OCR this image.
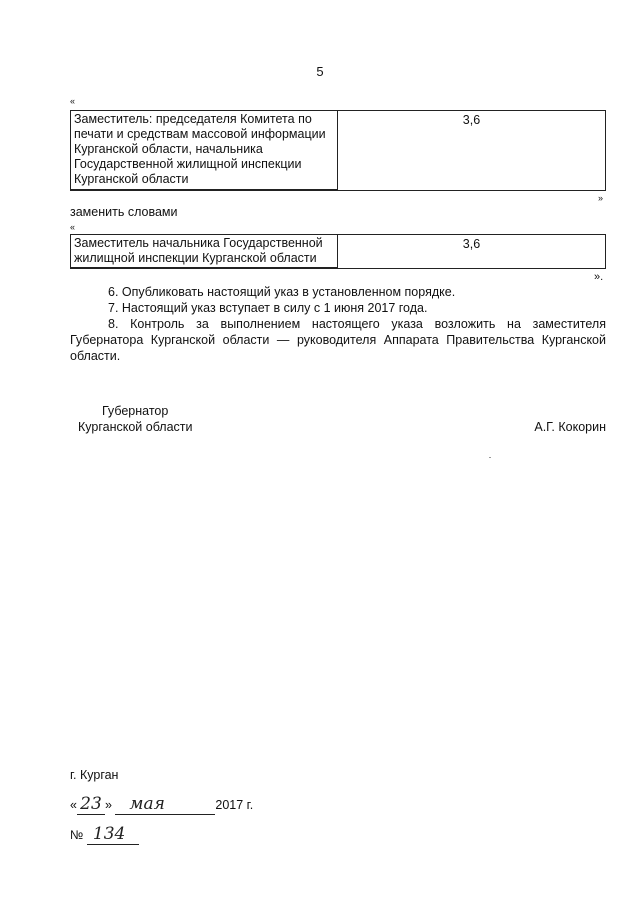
5
«
Заместитель: председателя Комитета по печати и средствам массовой информации Курганской области, начальника Государственной жилищной инспекции Курганской области	3,6
»
заменить словами
«
Заместитель начальника Государственной жилищной инспекции Курганской области	3,6
».
6. Опубликовать настоящий указ в установленном порядке.
7. Настоящий указ вступает в силу с 1 июня 2017 года.
8. Контроль за выполнением настоящего указа возложить на заместителя Губернатора Курганской области — руководителя Аппарата Правительства Курганской области.
Губернатор
Курганской области	А.Г. Кокорин
г. Курган
« 23 » мая	2017 г.
№ 134
